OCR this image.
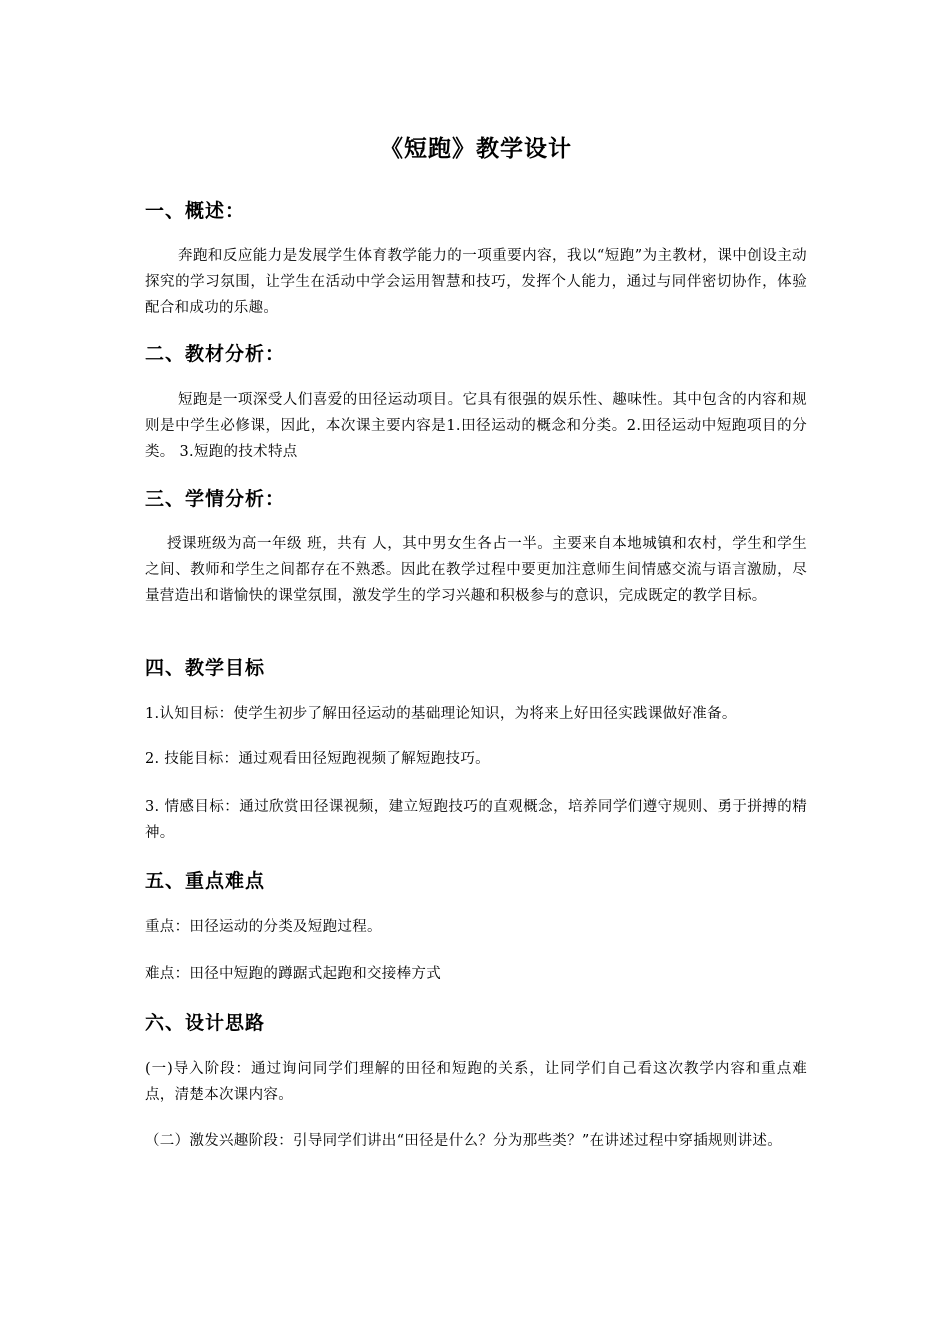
《短跑》教学设计
一、概述：

奔跑和反应能力是发展学生体育教学能力的一项重要内容，我以“短跑”为主教材，课中创设主动探究的学习氛围，让学生在活动中学会运用智慧和技巧，发挥个人能力，通过与同伴密切协作，体验配合和成功的乐趣。

二、教材分析：

短跑是一项深受人们喜爱的田径运动项目。它具有很强的娱乐性、趣味性。其中包含的内容和规则是中学生必修课，因此，本次课主要内容是1.田径运动的概念和分类。2.田径运动中短跑项目的分类。 3.短跑的技术特点

三、学情分析：

授课班级为高一年级 班，共有 人，其中男女生各占一半。主要来自本地城镇和农村，学生和学生之间、教师和学生之间都存在不熟悉。因此在教学过程中要更加注意师生间情感交流与语言激励，尽量营造出和谐愉快的课堂氛围，激发学生的学习兴趣和积极参与的意识，完成既定的教学目标。

四、教学目标

1.认知目标：使学生初步了解田径运动的基础理论知识，为将来上好田径实践课做好准备。

2. 技能目标：通过观看田径短跑视频了解短跑技巧。

3. 情感目标：通过欣赏田径课视频，建立短跑技巧的直观概念，培养同学们遵守规则、勇于拼搏的精神。

五、重点难点

重点：田径运动的分类及短跑过程。

难点：田径中短跑的蹲踞式起跑和交接棒方式

六、设计思路

(一)导入阶段：通过询问同学们理解的田径和短跑的关系，让同学们自己看这次教学内容和重点难点，清楚本次课内容。

（二）激发兴趣阶段：引导同学们讲出“田径是什么？分为那些类？”在讲述过程中穿插规则讲述。
